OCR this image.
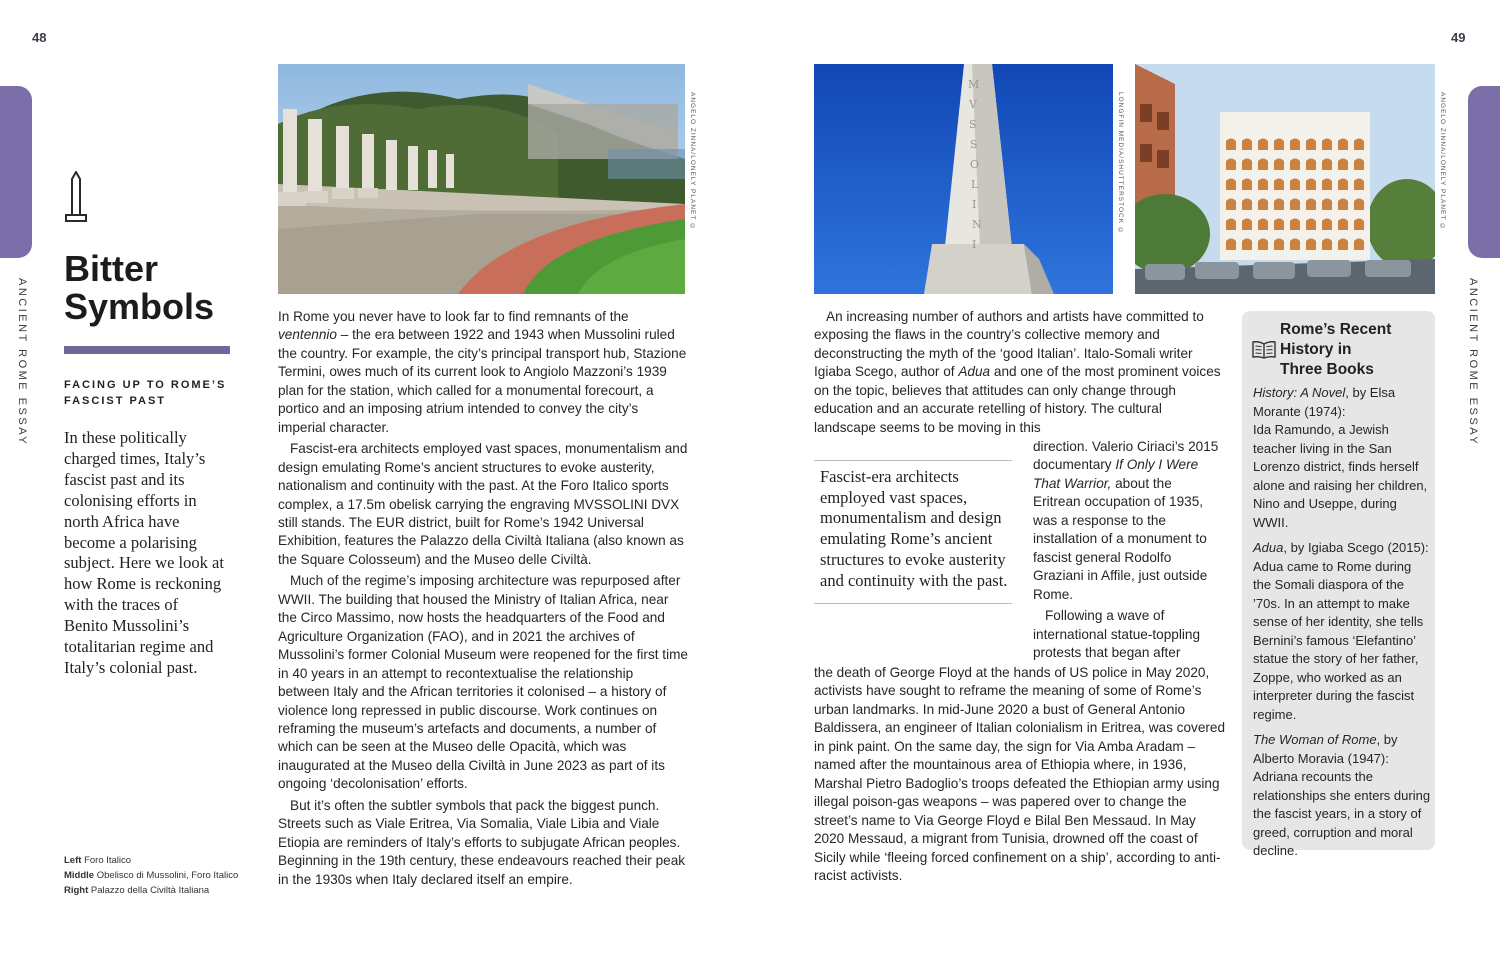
48	49
ANCIENT ROME ESSAY	ANCIENT ROME ESSAY
ANGELO ZINNA/LONELY PLANET ©
M
V
S
S
O
L
I
N
I
LONGFIN MEDIA/SHUTTERSTOCK ©	ANGELO ZINNA/LONELY PLANET ©
Bitter
Symbols
FACING UP TO ROME’S FASCIST PAST
In these politically charged times, Italy’s fascist past and its colonising efforts in north Africa have become a polarising subject. Here we look at how Rome is reckoning with the traces of Benito Mussolini’s totalitarian regime and Italy’s colonial past.
Left Foro Italico
Middle Obelisco di Mussolini, Foro Italico
Right Palazzo della Civiltà Italiana

In Rome you never have to look far to find remnants of the ventennio – the era between 1922 and 1943 when Mussolini ruled the country. For example, the city’s principal transport hub, Stazione Termini, owes much of its current look to Angiolo Mazzoni’s 1939 plan for the station, which called for a monumental forecourt, a portico and an imposing atrium intended to convey the city’s imperial character.

Fascist-era architects employed vast spaces, monumentalism and design emulating Rome’s ancient structures to evoke austerity, nationalism and continuity with the past. At the Foro Italico sports complex, a 17.5m obelisk carrying the engraving MVSSOLINI DVX still stands. The EUR district, built for Rome’s 1942 Universal Exhibition, features the Palazzo della Civiltà Italiana (also known as the Square Colosseum) and the Museo delle Civiltà.

Much of the regime’s imposing architecture was repurposed after WWII. The building that housed the Ministry of Italian Africa, near the Circo Massimo, now hosts the headquarters of the Food and Agriculture Organization (FAO), and in 2021 the archives of Mussolini’s former Colonial Museum were reopened for the first time in 40 years in an attempt to recontextualise the relationship between Italy and the African territories it colonised – a history of violence long repressed in public discourse. Work continues on reframing the museum’s artefacts and documents, a number of which can be seen at the Museo delle Opacità, which was inaugurated at the Museo della Civiltà in June 2023 as part of its ongoing ‘decolonisation’ efforts.

But it’s often the subtler symbols that pack the biggest punch. Streets such as Viale Eritrea, Via Somalia, Viale Libia and Viale Etiopia are reminders of Italy’s efforts to subjugate African peoples. Beginning in the 19th century, these endeavours reached their peak in the 1930s when Italy declared itself an empire.

An increasing number of authors and artists have committed to exposing the flaws in the country’s collective memory and deconstructing the myth of the ‘good Italian’. Italo-Somali writer Igiaba Scego, author of Adua and one of the most prominent voices on the topic, believes that attitudes can only change through education and an accurate retelling of history. The cultural landscape seems to be moving in this

direction. Valerio Ciriaci’s 2015 documentary If Only I Were That Warrior, about the Eritrean occupation of 1935, was a response to the installation of a monument to fascist general Rodolfo Graziani in Affile, just outside Rome.

Following a wave of international statue-toppling protests that began after

the death of George Floyd at the hands of US police in May 2020, activists have sought to reframe the meaning of some of Rome’s urban landmarks. In mid-June 2020 a bust of General Antonio Baldissera, an engineer of Italian colonialism in Eritrea, was covered in pink paint. On the same day, the sign for Via Amba Aradam – named after the mountainous area of Ethiopia where, in 1936, Marshal Pietro Badoglio’s troops defeated the Ethiopian army using illegal poison-gas weapons – was papered over to change the street’s name to Via George Floyd e Bilal Ben Messaud. In May 2020 Messaud, a migrant from Tunisia, drowned off the coast of Sicily while ‘fleeing forced confinement on a ship’, according to anti-racist activists.

Fascist-era architects employed vast spaces, monumentalism and design emulating Rome’s ancient structures to evoke austerity and continuity with the past.
Rome’s Recent
History in
Three Books

History: A Novel, by Elsa Morante (1974):
Ida Ramundo, a Jewish teacher living in the San Lorenzo district, finds herself alone and raising her children, Nino and Useppe, during WWII.

Adua, by Igiaba Scego (2015):
Adua came to Rome during the Somali diaspora of the ’70s. In an attempt to make sense of her identity, she tells Bernini’s famous ‘Elefantino’ statue the story of her father, Zoppe, who worked as an interpreter during the fascist regime.

The Woman of Rome, by Alberto Moravia (1947):
Adriana recounts the relationships she enters during the fascist years, in a story of greed, corruption and moral decline.
